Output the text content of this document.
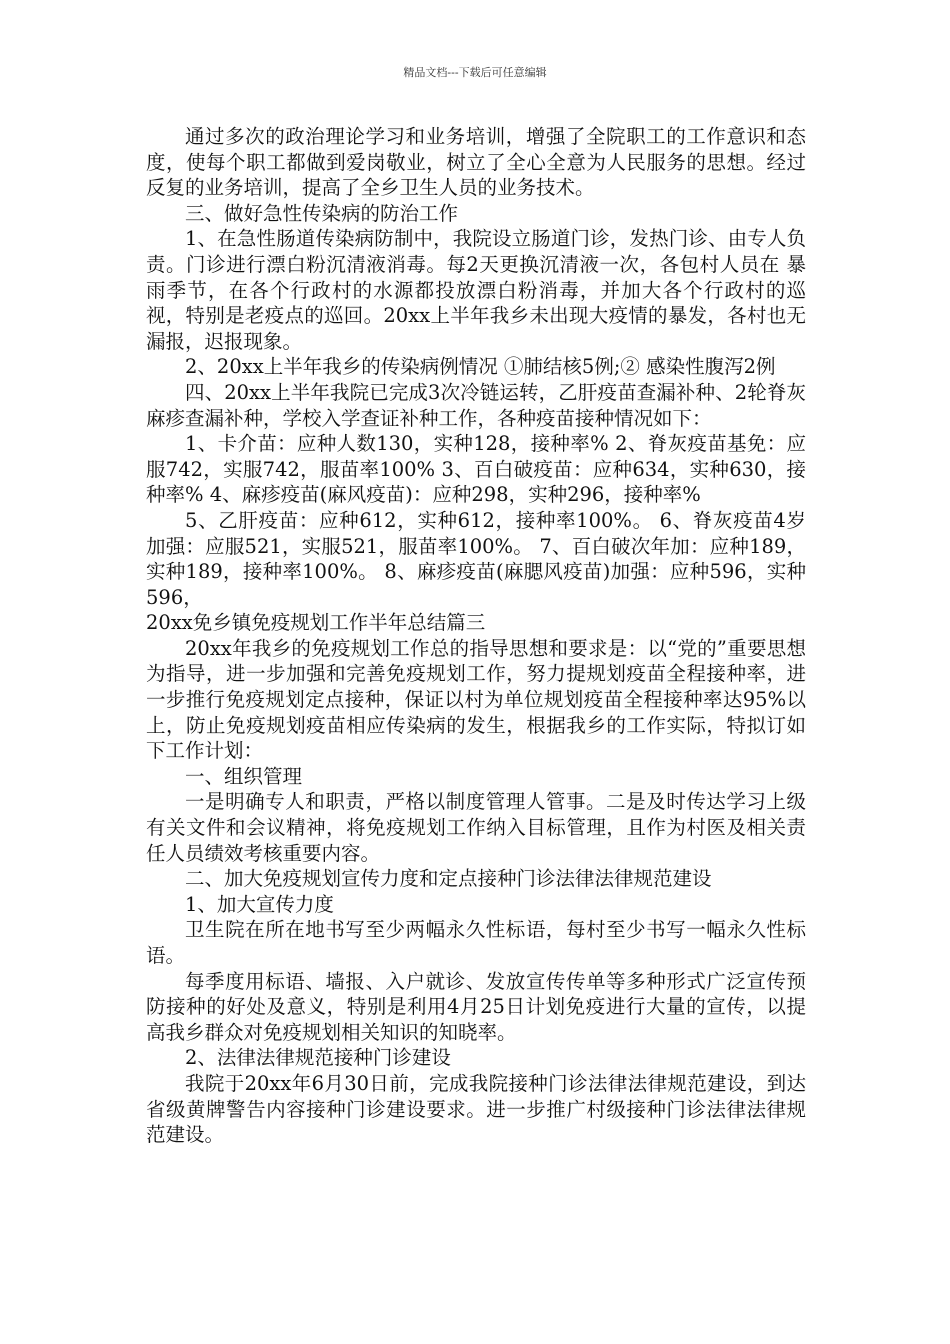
精品文档---下载后可任意编辑

通过多次的政治理论学习和业务培训，增强了全院职工的工作意识和态度，使每个职工都做到爱岗敬业，树立了全心全意为人民服务的思想。经过反复的业务培训，提高了全乡卫生人员的业务技术。

三、做好急性传染病的防治工作

1、在急性肠道传染病防制中，我院设立肠道门诊，发热门诊、由专人负责。门诊进行漂白粉沉清液消毒。每2天更换沉清液一次，各包村人员在 暴雨季节，在各个行政村的水源都投放漂白粉消毒，并加大各个行政村的巡视，特别是老疫点的巡回。20xx上半年我乡未出现大疫情的暴发，各村也无漏报，迟报现象。

2、20xx上半年我乡的传染病例情况 ①肺结核5例;② 感染性腹泻2例

四、20xx上半年我院已完成3次冷链运转，乙肝疫苗查漏补种、2轮脊灰麻疹查漏补种，学校入学查证补种工作，各种疫苗接种情况如下：

1、卡介苗：应种人数130，实种128，接种率% 2、脊灰疫苗基免：应服742，实服742，服苗率100% 3、百白破疫苗：应种634，实种630，接种率% 4、麻疹疫苗(麻风疫苗)：应种298，实种296，接种率%

5、乙肝疫苗：应种612，实种612，接种率100%。 6、脊灰疫苗4岁加强：应服521，实服521，服苗率100%。 7、百白破次年加：应种189，实种189，接种率100%。 8、麻疹疫苗(麻腮风疫苗)加强：应种596，实种596，

20xx免乡镇免疫规划工作半年总结篇三

20xx年我乡的免疫规划工作总的指导思想和要求是：以“党的”重要思想为指导，进一步加强和完善免疫规划工作，努力提规划疫苗全程接种率，进一步推行免疫规划定点接种，保证以村为单位规划疫苗全程接种率达95%以上，防止免疫规划疫苗相应传染病的发生，根据我乡的工作实际，特拟订如下工作计划：

一、组织管理

一是明确专人和职责，严格以制度管理人管事。二是及时传达学习上级有关文件和会议精神，将免疫规划工作纳入目标管理，且作为村医及相关责任人员绩效考核重要内容。

二、加大免疫规划宣传力度和定点接种门诊法律法律规范建设

1、加大宣传力度

卫生院在所在地书写至少两幅永久性标语，每村至少书写一幅永久性标语。

每季度用标语、墙报、入户就诊、发放宣传传单等多种形式广泛宣传预防接种的好处及意义，特别是利用4月25日计划免疫进行大量的宣传，以提高我乡群众对免疫规划相关知识的知晓率。

2、法律法律规范接种门诊建设

我院于20xx年6月30日前，完成我院接种门诊法律法律规范建设，到达省级黄牌警告内容接种门诊建设要求。进一步推广村级接种门诊法律法律规范建设。
